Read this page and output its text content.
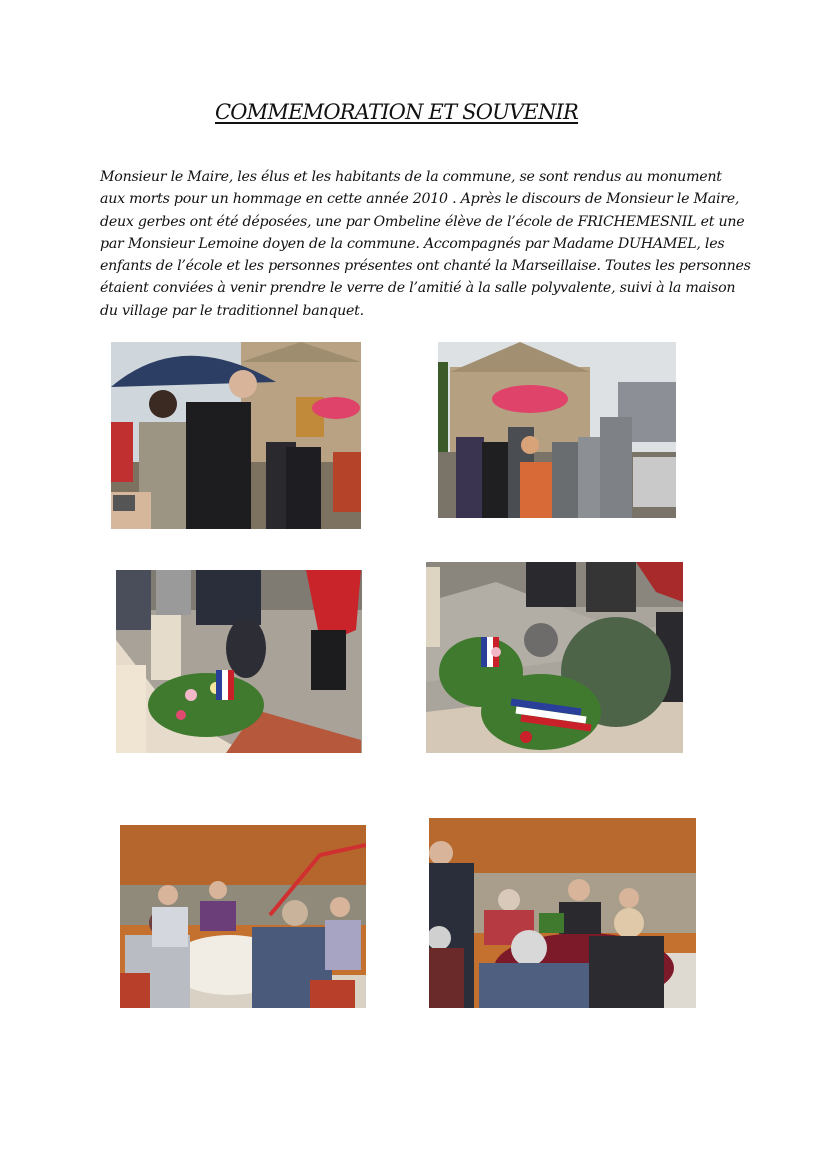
COMMEMORATION ET SOUVENIR
Monsieur le Maire, les élus et les habitants de la commune, se sont rendus au monument
aux morts pour un hommage en cette année 2010 . Après le discours de Monsieur le Maire,
deux gerbes ont été déposées, une par Ombeline élève de l’école de FRICHEMESNIL et une
par Monsieur Lemoine doyen de la commune. Accompagnés par Madame DUHAMEL, les
enfants de l’école et les personnes présentes ont chanté la Marseillaise. Toutes les personnes
étaient conviées à venir prendre le verre de l’amitié à la salle polyvalente, suivi à la maison
du village par le traditionnel banquet.
